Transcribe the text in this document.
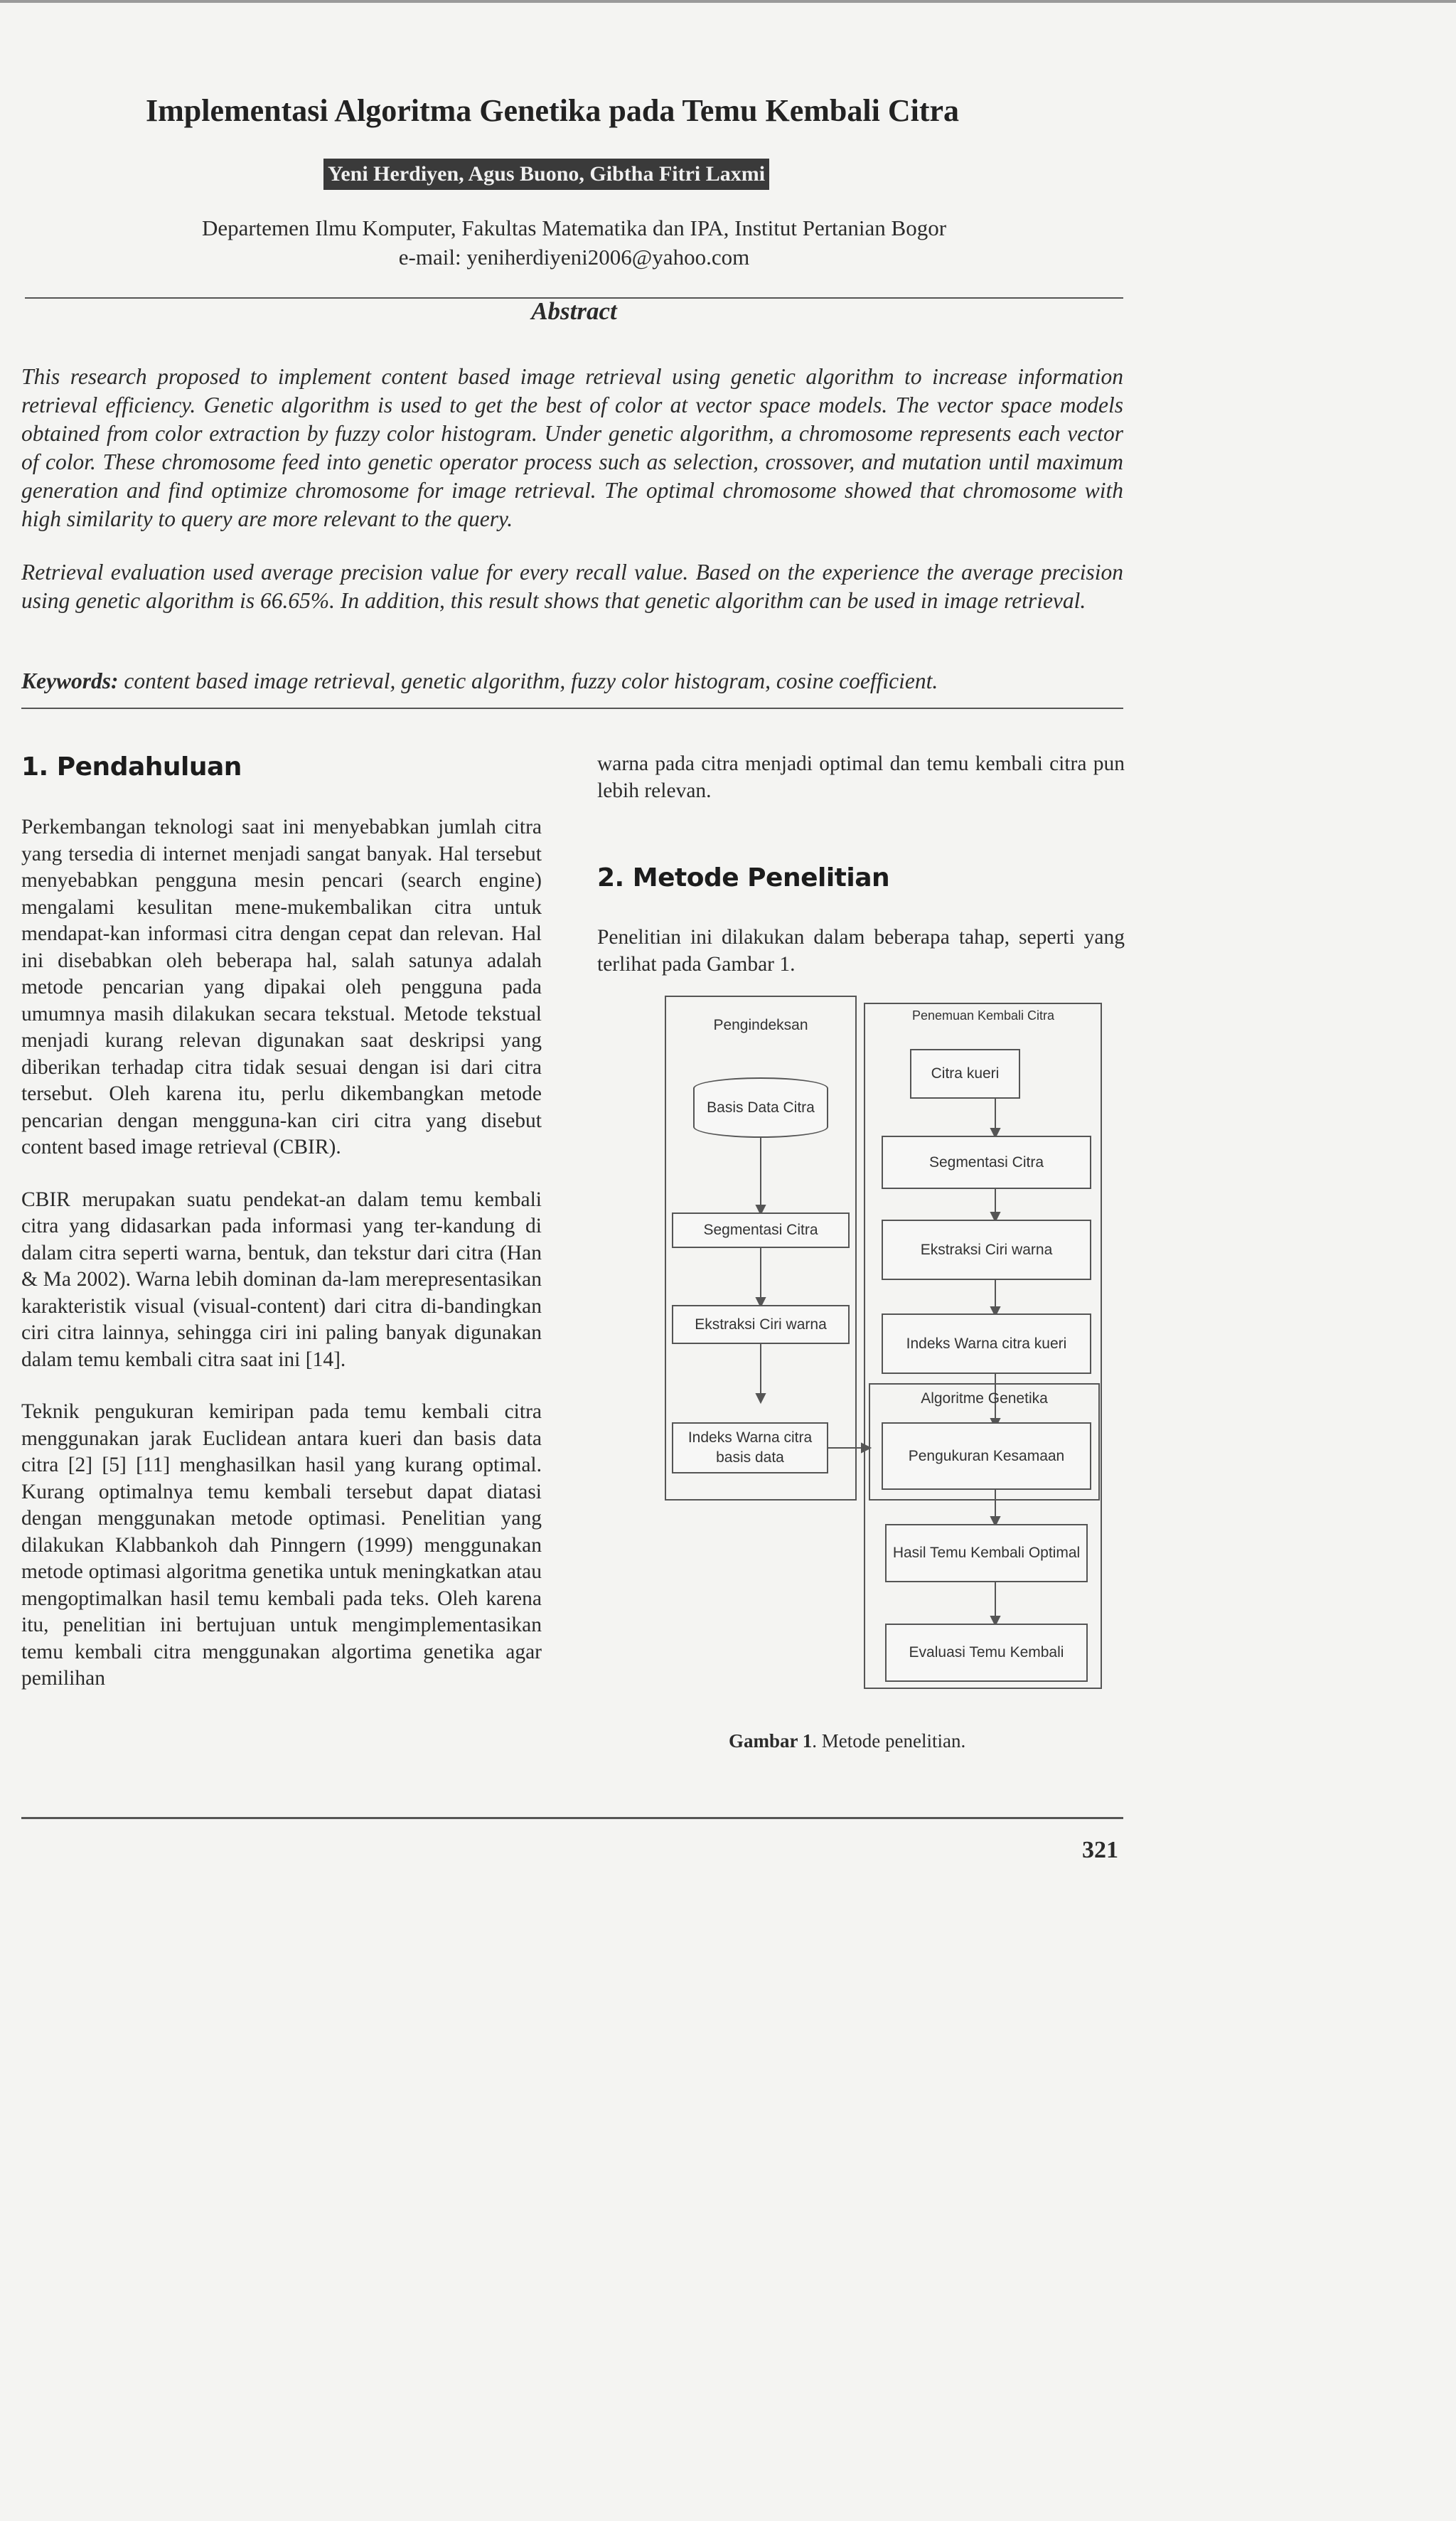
Implementasi Algoritma Genetika pada Temu Kembali Citra
Yeni Herdiyen, Agus Buono, Gibtha Fitri Laxmi
Departemen Ilmu Komputer, Fakultas Matematika dan IPA, Institut Pertanian Bogor
e-mail: yeniherdiyeni2006@yahoo.com
Abstract
This research proposed to implement content based image retrieval using genetic algorithm to increase information retrieval efficiency. Genetic algorithm is used to get the best of color at vector space models. The vector space models obtained from color extraction by fuzzy color histogram. Under genetic algorithm, a chromosome represents each vector of color. These chromosome feed into genetic operator process such as selection, crossover, and mutation until maximum generation and find optimize chromosome for image retrieval. The optimal chromosome showed that chromosome with high similarity to query are more relevant to the query.
Retrieval evaluation used average precision value for every recall value. Based on the experience the average precision using genetic algorithm is 66.65%. In addition, this result shows that genetic algorithm can be used in image retrieval.
Keywords: content based image retrieval, genetic algorithm, fuzzy color histogram, cosine coefficient.
1. Pendahuluan

Perkembangan teknologi saat ini menyebabkan jumlah citra yang tersedia di internet menjadi sangat banyak. Hal tersebut menyebabkan pengguna mesin pencari (search engine) mengalami kesulitan mene-mukembalikan citra untuk mendapat-kan informasi citra dengan cepat dan relevan. Hal ini disebabkan oleh beberapa hal, salah satunya adalah metode pencarian yang dipakai oleh pengguna pada umumnya masih dilakukan secara tekstual. Metode tekstual menjadi kurang relevan digunakan saat deskripsi yang diberikan terhadap citra tidak sesuai dengan isi dari citra tersebut. Oleh karena itu, perlu dikembangkan metode pencarian dengan mengguna-kan ciri citra yang disebut content based image retrieval (CBIR).

CBIR merupakan suatu pendekat-an dalam temu kembali citra yang didasarkan pada informasi yang ter-kandung di dalam citra seperti warna, bentuk, dan tekstur dari citra (Han & Ma 2002). Warna lebih dominan da-lam merepresentasikan karakteristik visual (visual-content) dari citra di-bandingkan ciri citra lainnya, sehingga ciri ini paling banyak digunakan dalam temu kembali citra saat ini [14].

Teknik pengukuran kemiripan pada temu kembali citra menggunakan jarak Euclidean antara kueri dan basis data citra [2] [5] [11] menghasilkan hasil yang kurang optimal. Kurang optimalnya temu kembali tersebut dapat diatasi dengan menggunakan metode optimasi. Penelitian yang dilakukan Klabbankoh dah Pinngern (1999) menggunakan metode optimasi algoritma genetika untuk meningkatkan atau mengoptimalkan hasil temu kembali pada teks. Oleh karena itu, penelitian ini bertujuan untuk mengimplementasikan temu kembali citra menggunakan algortima genetika agar pemilihan

warna pada citra menjadi optimal dan temu kembali citra pun lebih relevan.
2. Metode Penelitian
Penelitian ini dilakukan dalam beberapa tahap, seperti yang terlihat pada Gambar 1.
Pengindeksan
Penemuan Kembali Citra
Basis Data Citra
Segmentasi Citra
Ekstraksi Ciri warna
Indeks Warna citra basis data
Citra kueri
Segmentasi Citra
Ekstraksi Ciri warna
Indeks Warna citra kueri
Algoritme Genetika
Pengukuran Kesamaan
Hasil Temu Kembali Optimal
Evaluasi Temu Kembali
Gambar 1. Metode penelitian.
321
